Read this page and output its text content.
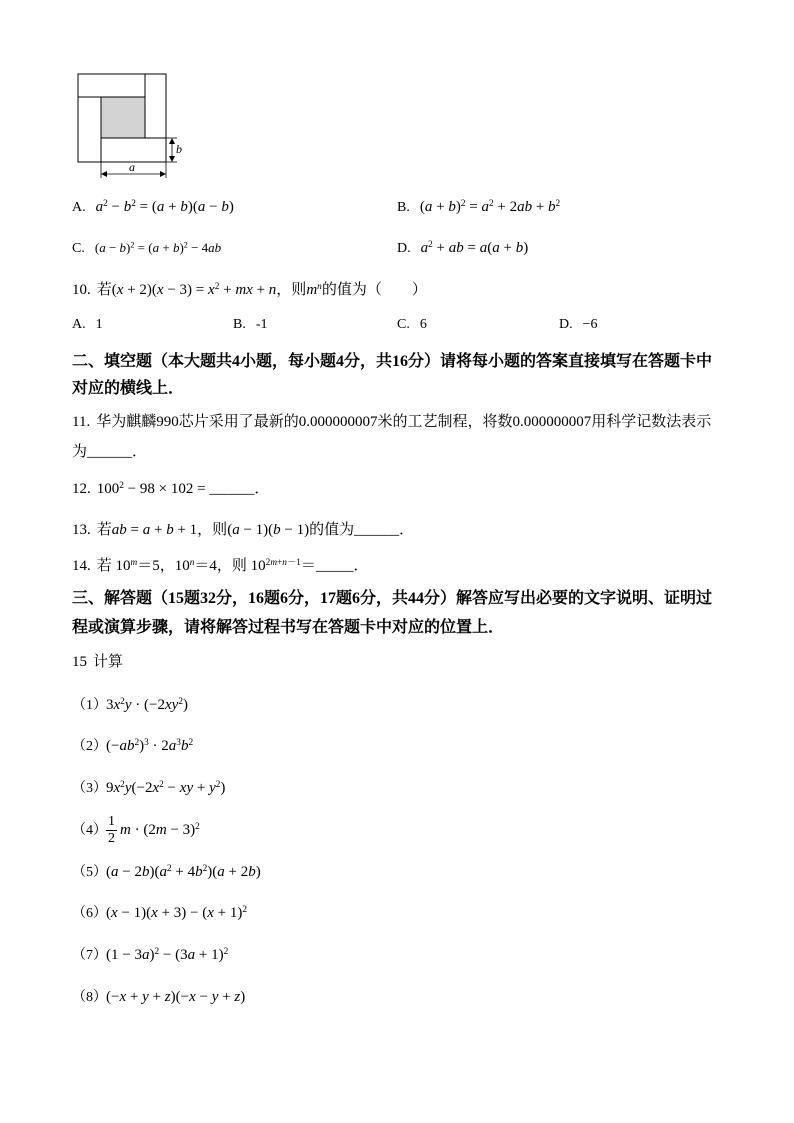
b
a
A. $a^2 - b^2 = (a + b)(a - b)$	B. $(a + b)^2 = a^2 + 2ab + b^2$
C. $(a - b)^2 = (a + b)^2 - 4ab$	D. $a^2$ + ab = a(a + b)
10. 若$(x + 2)(x - 3) = x^2$ + mx + n，则$m^n$的值为（　　）
A. 1	B. -1	C. 6	D. −6
二、填空题（本大题共4小题，每小题4分，共16分）请将每小题的答案直接填写在答题卡中对应的横线上．
11. 华为麒麟990芯片采用了最新的0.000000007米的工艺制程，将数0.000000007用科学记数法表示为______．
12. $100^2 - 98 \times 102$ = ______．
13. 若ab = a + b + 1，则(a − 1)(b − 1)的值为______．
14. 若 $10^m=5$，$10^n=4$，则 $10^{2m+n-1}=\_\_\_\_\_$．
三、解答题（15题32分，16题6分，17题6分，共44分）解答应写出必要的文字说明、证明过程或演算步骤，请将解答过程书写在答题卡中对应的位置上．
15 计算
$(1)3x^2y \cdot (-2xy^2)$
$(2)(-ab^2)^3 \cdot 2a^3b^2$
$(3)9x^2y(-2x^2$ − xy + $y^2$)
$(4) \frac{1}{2}$ $m \cdot (2m - 3)^2$
$(5)(a - 2b)(a^2 + 4b^2)(a + 2b)$
$(6)(x - 1)(x + 3) - (x + 1)^2$
$(7)(1 - 3a)^2 - (3a + 1)^2$
（8）(−x + y + z)(−x − y + z)
